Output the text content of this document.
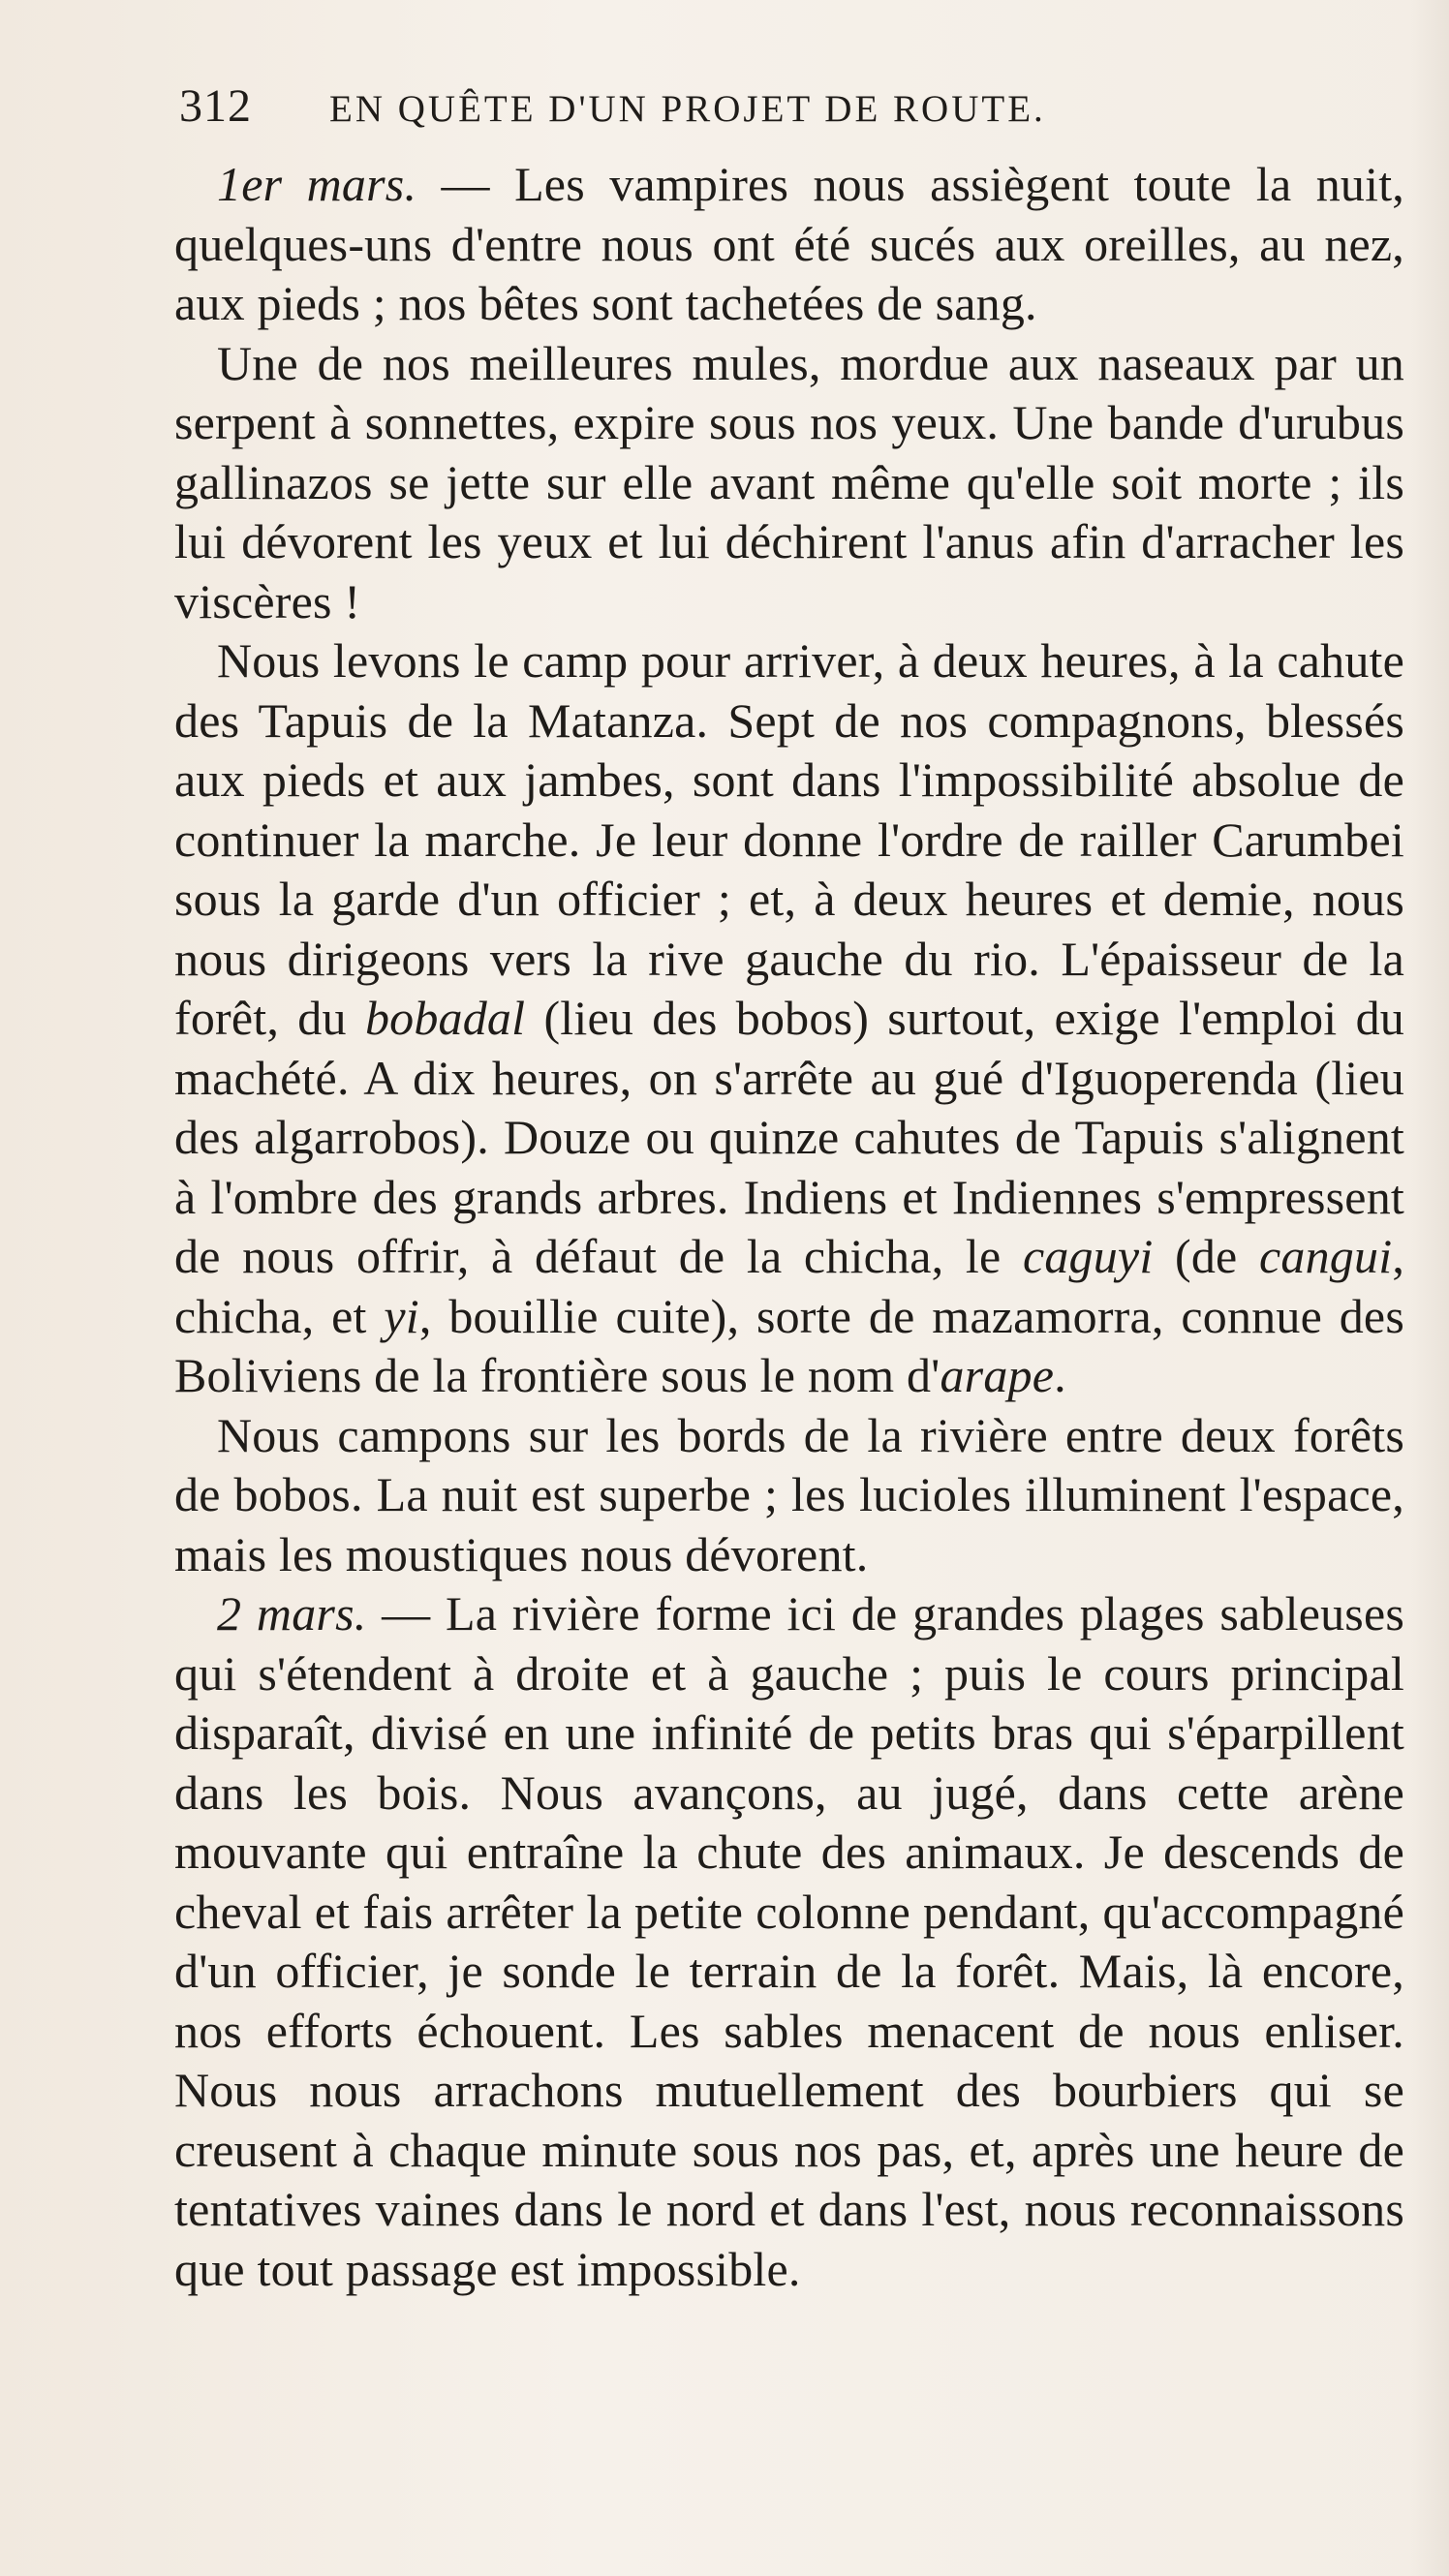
312 EN QUÊTE D'UN PROJET DE ROUTE.

1er mars. — Les vampires nous assiègent toute la nuit, quelques-uns d'entre nous ont été sucés aux oreilles, au nez, aux pieds ; nos bêtes sont tachetées de sang.

Une de nos meilleures mules, mordue aux naseaux par un serpent à sonnettes, expire sous nos yeux. Une bande d'urubus gallinazos se jette sur elle avant même qu'elle soit morte ; ils lui dévorent les yeux et lui déchirent l'anus afin d'arracher les viscères !

Nous levons le camp pour arriver, à deux heures, à la cahute des Tapuis de la Matanza. Sept de nos compagnons, blessés aux pieds et aux jambes, sont dans l'impossibilité absolue de continuer la marche. Je leur donne l'ordre de railler Carumbei sous la garde d'un officier ; et, à deux heures et demie, nous nous dirigeons vers la rive gauche du rio. L'épaisseur de la forêt, du bobadal (lieu des bobos) surtout, exige l'emploi du machété. A dix heures, on s'arrête au gué d'Iguoperenda (lieu des algarrobos). Douze ou quinze cahutes de Tapuis s'alignent à l'ombre des grands arbres. Indiens et Indiennes s'empressent de nous offrir, à défaut de la chicha, le caguyi (de cangui, chicha, et yi, bouillie cuite), sorte de mazamorra, connue des Boliviens de la frontière sous le nom d'arape.

Nous campons sur les bords de la rivière entre deux forêts de bobos. La nuit est superbe ; les lucioles illuminent l'espace, mais les moustiques nous dévorent.

2 mars. — La rivière forme ici de grandes plages sableuses qui s'étendent à droite et à gauche ; puis le cours principal disparaît, divisé en une infinité de petits bras qui s'éparpillent dans les bois. Nous avançons, au jugé, dans cette arène mouvante qui entraîne la chute des animaux. Je descends de cheval et fais arrêter la petite colonne pendant, qu'accompagné d'un officier, je sonde le terrain de la forêt. Mais, là encore, nos efforts échouent. Les sables menacent de nous enliser. Nous nous arrachons mutuellement des bourbiers qui se creusent à chaque minute sous nos pas, et, après une heure de tentatives vaines dans le nord et dans l'est, nous reconnaissons que tout passage est impossible.
